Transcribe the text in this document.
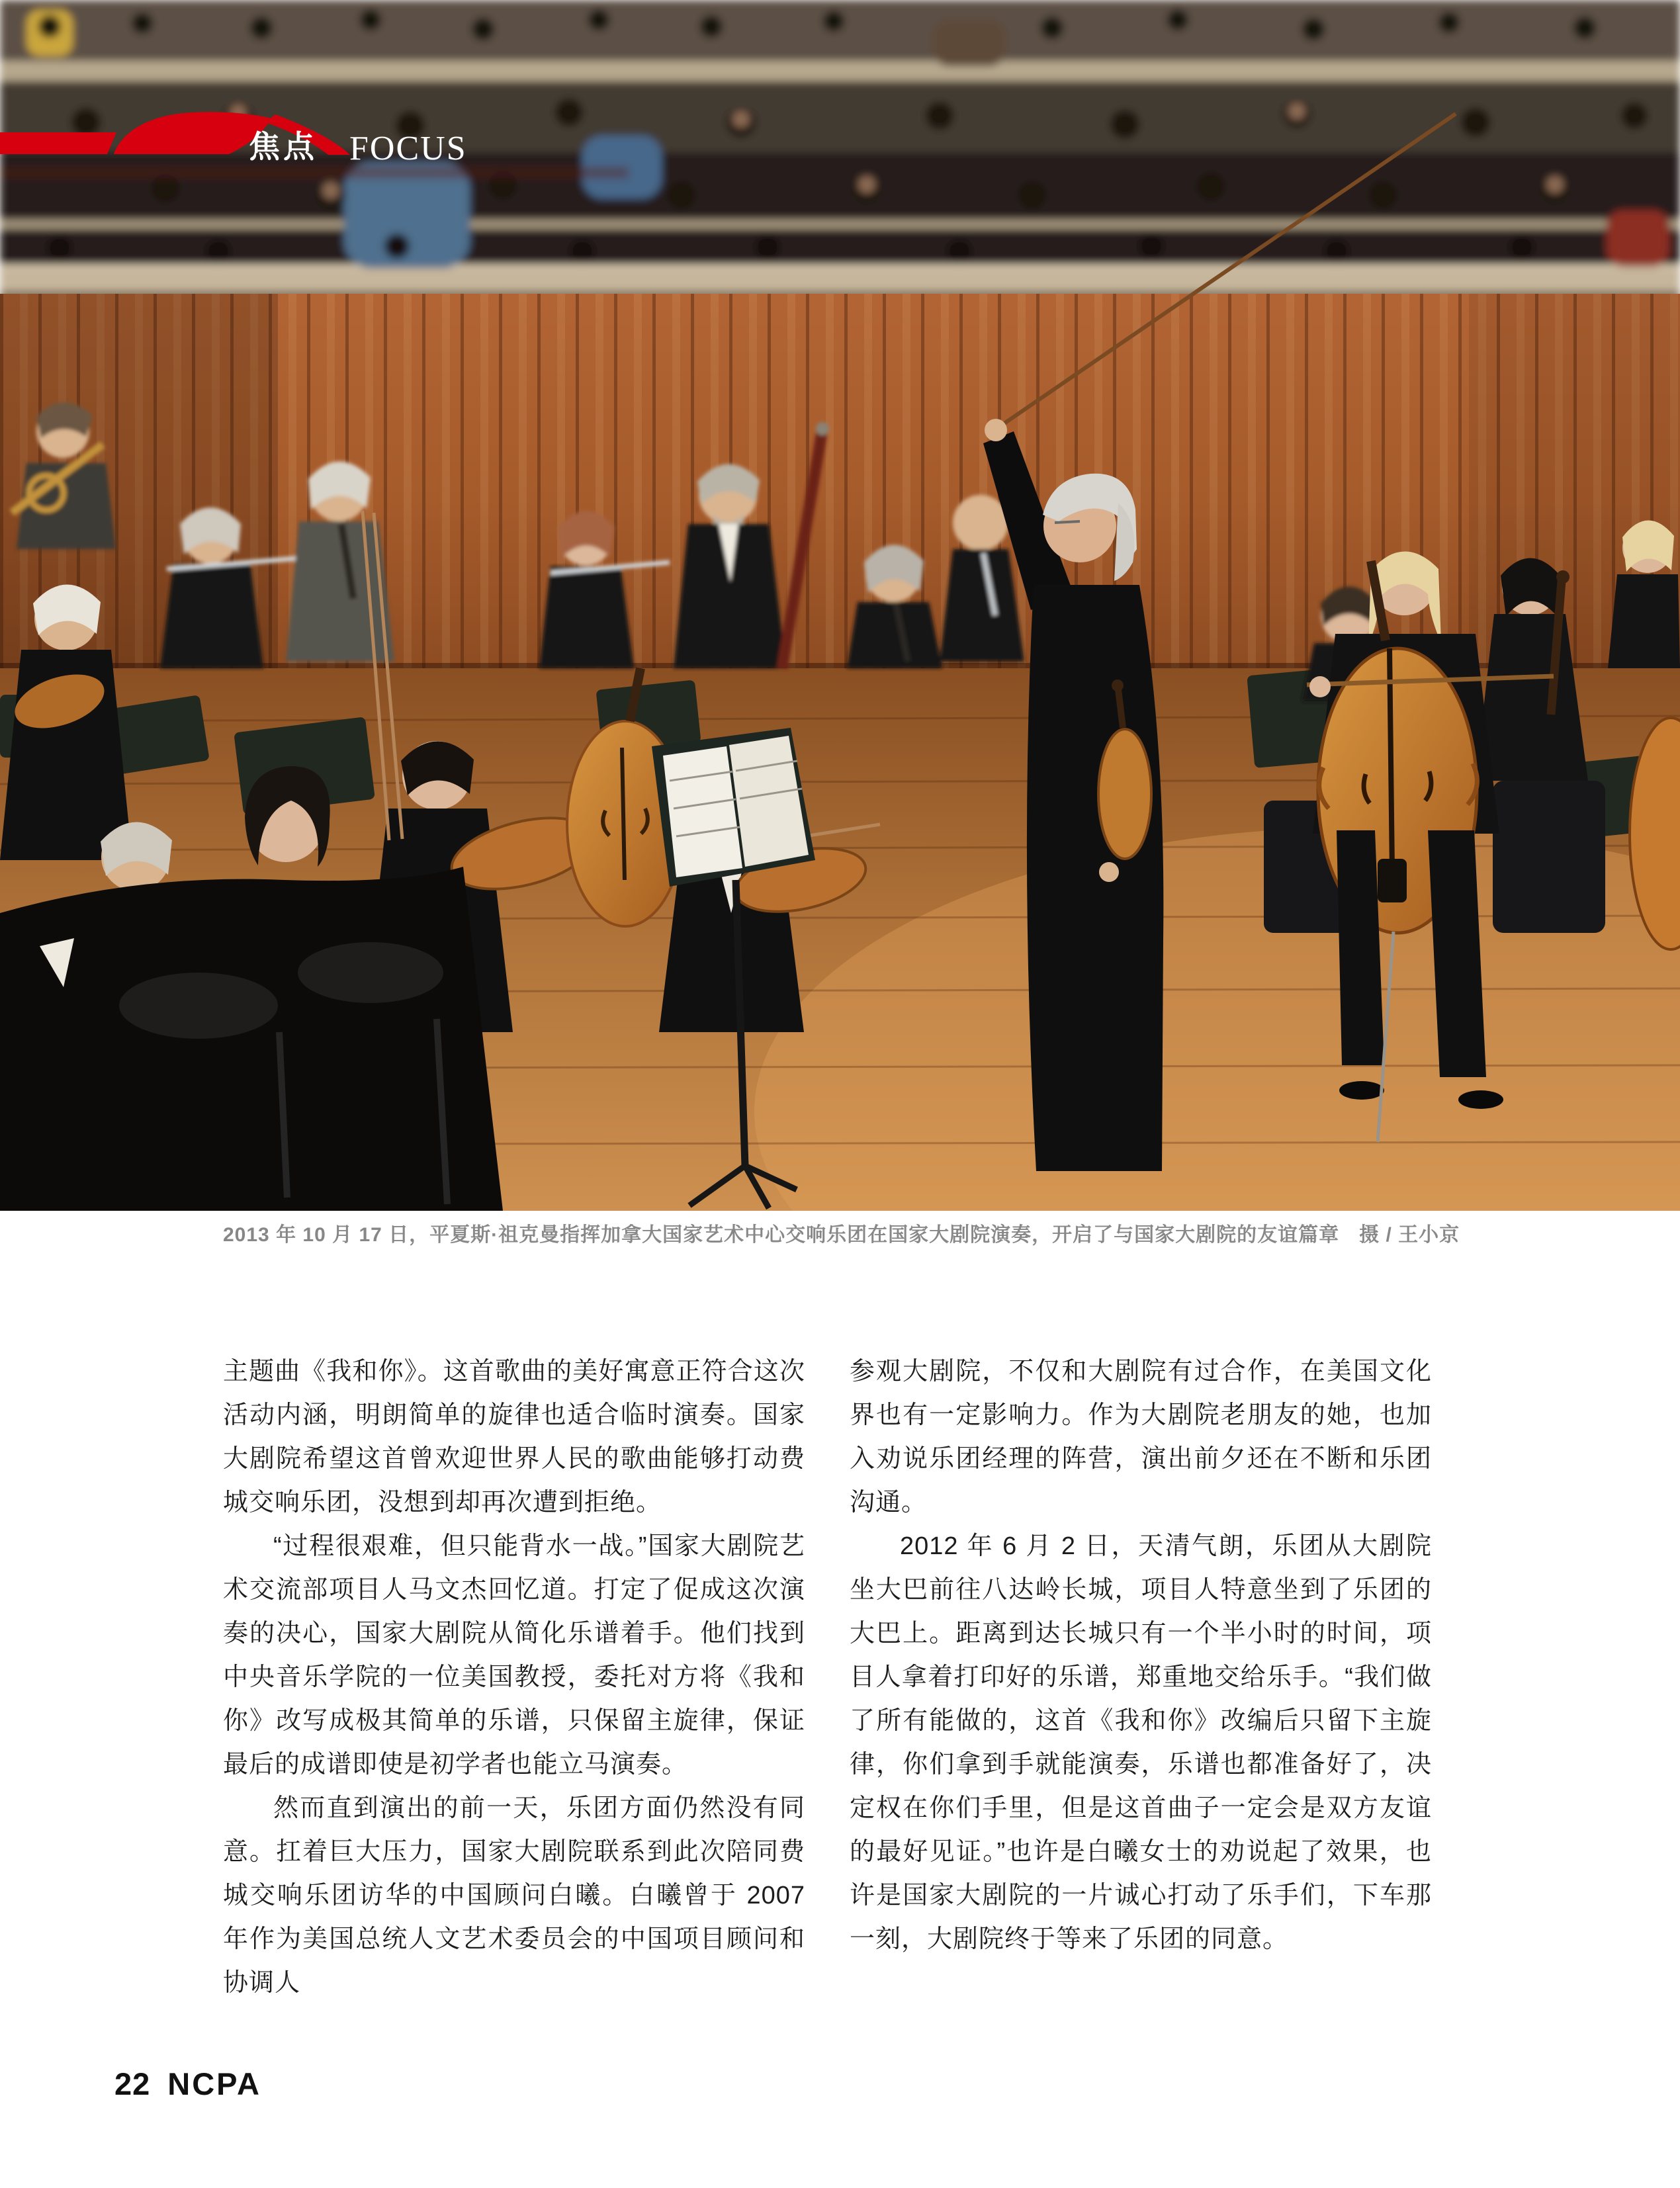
焦点 FOCUS
2013 年 10 月 17 日，平夏斯·祖克曼指挥加拿大国家艺术中心交响乐团在国家大剧院演奏，开启了与国家大剧院的友谊篇章 摄 / 王小京

主题曲《我和你》。这首歌曲的美好寓意正符合这次活动内涵，明朗简单的旋律也适合临时演奏。国家大剧院希望这首曾欢迎世界人民的歌曲能够打动费城交响乐团，没想到却再次遭到拒绝。

“过程很艰难，但只能背水一战。”国家大剧院艺术交流部项目人马文杰回忆道。打定了促成这次演奏的决心，国家大剧院从简化乐谱着手。他们找到中央音乐学院的一位美国教授，委托对方将《我和你》改写成极其简单的乐谱，只保留主旋律，保证最后的成谱即使是初学者也能立马演奏。

然而直到演出的前一天，乐团方面仍然没有同意。扛着巨大压力，国家大剧院联系到此次陪同费城交响乐团访华的中国顾问白曦。白曦曾于 2007 年作为美国总统人文艺术委员会的中国项目顾问和协调人

参观大剧院，不仅和大剧院有过合作，在美国文化界也有一定影响力。作为大剧院老朋友的她，也加入劝说乐团经理的阵营，演出前夕还在不断和乐团沟通。

2012 年 6 月 2 日，天清气朗，乐团从大剧院坐大巴前往八达岭长城，项目人特意坐到了乐团的大巴上。距离到达长城只有一个半小时的时间，项目人拿着打印好的乐谱，郑重地交给乐手。“我们做了所有能做的，这首《我和你》改编后只留下主旋律，你们拿到手就能演奏，乐谱也都准备好了，决定权在你们手里，但是这首曲子一定会是双方友谊的最好见证。”也许是白曦女士的劝说起了效果，也许是国家大剧院的一片诚心打动了乐手们，下车那一刻，大剧院终于等来了乐团的同意。

22 NCPA
